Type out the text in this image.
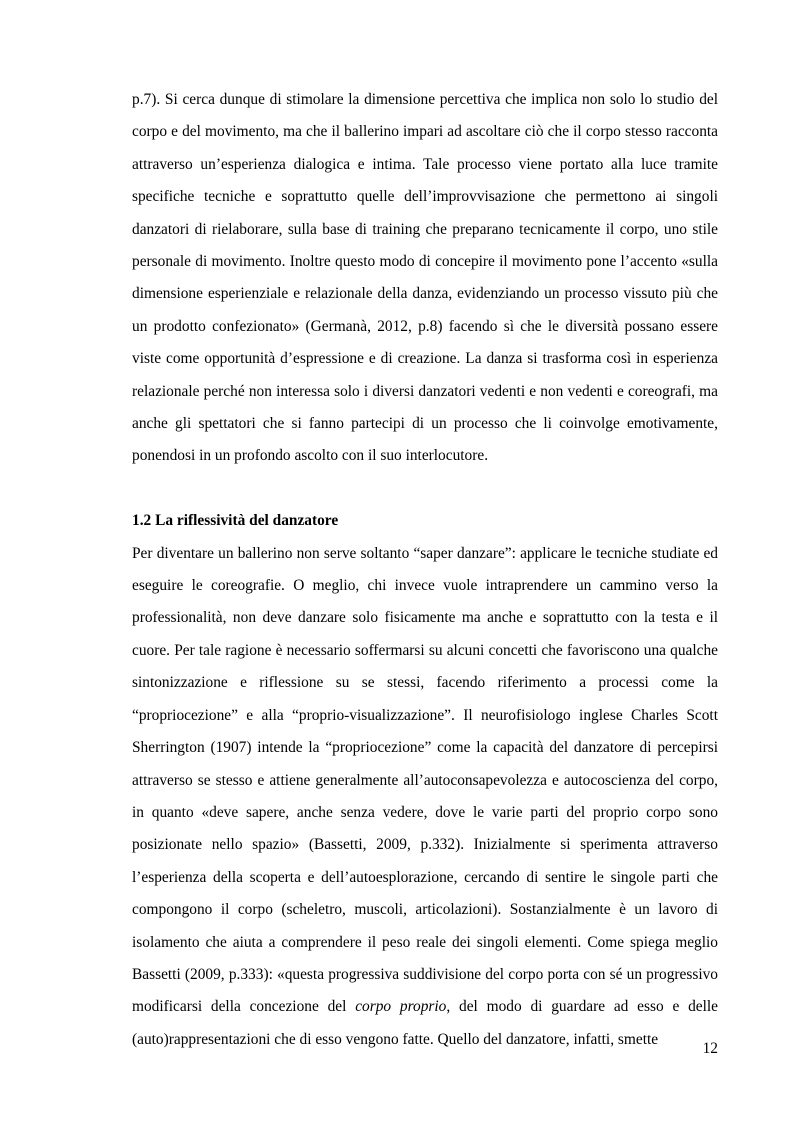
p.7). Si cerca dunque di stimolare la dimensione percettiva che implica non solo lo studio del corpo e del movimento, ma che il ballerino impari ad ascoltare ciò che il corpo stesso racconta attraverso un’esperienza dialogica e intima. Tale processo viene portato alla luce tramite specifiche tecniche e soprattutto quelle dell’improvvisazione che permettono ai singoli danzatori di rielaborare, sulla base di training che preparano tecnicamente il corpo, uno stile personale di movimento. Inoltre questo modo di concepire il movimento pone l’accento «sulla dimensione esperienziale e relazionale della danza, evidenziando un processo vissuto più che un prodotto confezionato» (Germanà, 2012, p.8) facendo sì che le diversità possano essere viste come opportunità d’espressione e di creazione. La danza si trasforma così in esperienza relazionale perché non interessa solo i diversi danzatori vedenti e non vedenti e coreografi, ma anche gli spettatori che si fanno partecipi di un processo che li coinvolge emotivamente, ponendosi in un profondo ascolto con il suo interlocutore.

1.2 La riflessività del danzatore

Per diventare un ballerino non serve soltanto “saper danzare”: applicare le tecniche studiate ed eseguire le coreografie. O meglio, chi invece vuole intraprendere un cammino verso la professionalità, non deve danzare solo fisicamente ma anche e soprattutto con la testa e il cuore. Per tale ragione è necessario soffermarsi su alcuni concetti che favoriscono una qualche sintonizzazione e riflessione su se stessi, facendo riferimento a processi come la “propriocezione” e alla “proprio-visualizzazione”. Il neurofisiologo inglese Charles Scott Sherrington (1907) intende la “propriocezione” come la capacità del danzatore di percepirsi attraverso se stesso e attiene generalmente all’autoconsapevolezza e autocoscienza del corpo, in quanto «deve sapere, anche senza vedere, dove le varie parti del proprio corpo sono posizionate nello spazio» (Bassetti, 2009, p.332). Inizialmente si sperimenta attraverso l’esperienza della scoperta e dell’autoesplorazione, cercando di sentire le singole parti che compongono il corpo (scheletro, muscoli, articolazioni). Sostanzialmente è un lavoro di isolamento che aiuta a comprendere il peso reale dei singoli elementi. Come spiega meglio Bassetti (2009, p.333): «questa progressiva suddivisione del corpo porta con sé un progressivo modificarsi della concezione del corpo proprio, del modo di guardare ad esso e delle (auto)rappresentazioni che di esso vengono fatte. Quello del danzatore, infatti, smette

12
